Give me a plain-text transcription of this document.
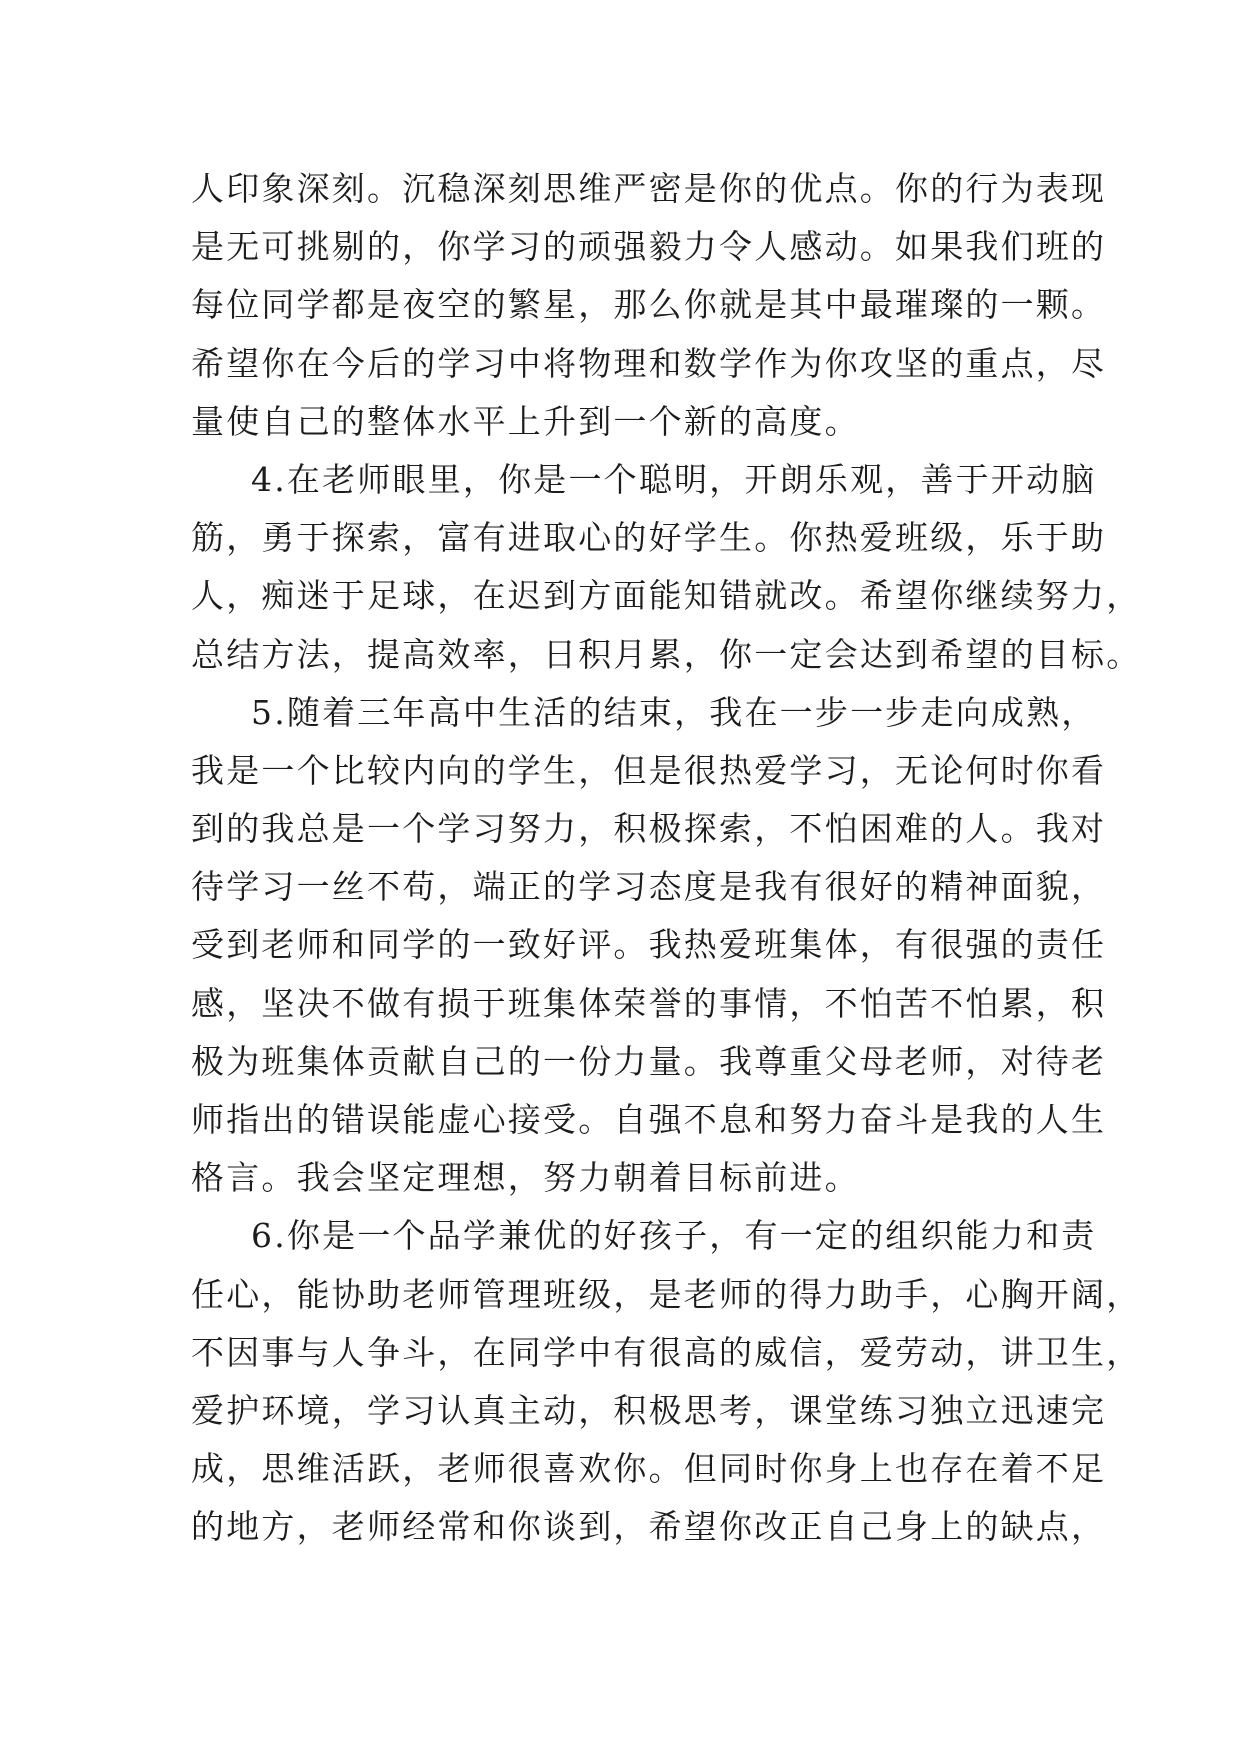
人印象深刻。沉稳深刻思维严密是你的优点。你的行为表现
是无可挑剔的，你学习的顽强毅力令人感动。如果我们班的
每位同学都是夜空的繁星，那么你就是其中最璀璨的一颗。
希望你在今后的学习中将物理和数学作为你攻坚的重点，尽
量使自己的整体水平上升到一个新的高度。
4.在老师眼里，你是一个聪明，开朗乐观，善于开动脑
筋，勇于探索，富有进取心的好学生。你热爱班级，乐于助
人，痴迷于足球，在迟到方面能知错就改。希望你继续努力，
总结方法，提高效率，日积月累，你一定会达到希望的目标。
5.随着三年高中生活的结束，我在一步一步走向成熟，
我是一个比较内向的学生，但是很热爱学习，无论何时你看
到的我总是一个学习努力，积极探索，不怕困难的人。我对
待学习一丝不苟，端正的学习态度是我有很好的精神面貌，
受到老师和同学的一致好评。我热爱班集体，有很强的责任
感，坚决不做有损于班集体荣誉的事情，不怕苦不怕累，积
极为班集体贡献自己的一份力量。我尊重父母老师，对待老
师指出的错误能虚心接受。自强不息和努力奋斗是我的人生
格言。我会坚定理想，努力朝着目标前进。
6.你是一个品学兼优的好孩子，有一定的组织能力和责
任心，能协助老师管理班级，是老师的得力助手，心胸开阔，
不因事与人争斗，在同学中有很高的威信，爱劳动，讲卫生，
爱护环境，学习认真主动，积极思考，课堂练习独立迅速完
成，思维活跃，老师很喜欢你。但同时你身上也存在着不足
的地方，老师经常和你谈到，希望你改正自己身上的缺点，
